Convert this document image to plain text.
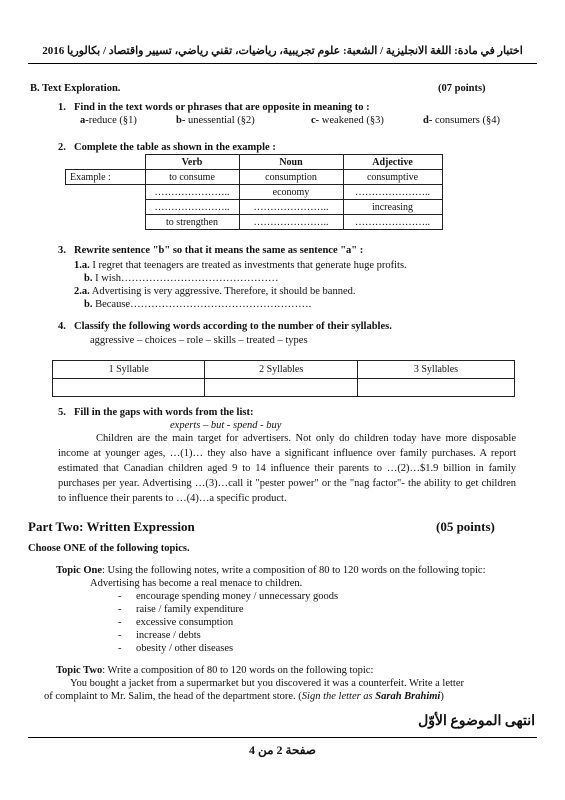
اختبار في مادة: اللغة الانجليزية / الشعبة: علوم تجريبية، رياضيات، تقني رياضي، تسيير واقتصاد / بكالوريا 2016
B. Text Exploration.	(07 points)
1. Find in the text words or phrases that are opposite in meaning to :
a-reduce (§1)	b- unessential (§2)	c- weakened (§3)	d- consumers (§4)
2. Complete the table as shown in the example :
	Verb	Noun	Adjective
Example :	to consume	consumption	consumptive
	…………………..	economy	…………………..
	…………………..	…………………..	increasing
	to strengthen	…………………..	…………………..
3. Rewrite sentence "b" so that it means the same as sentence "a" :
1.a. I regret that teenagers are treated as investments that generate huge profits.
b. I wish………………………………………
2.a. Advertising is very aggressive. Therefore, it should be banned.
b. Because…………………………………………….
4. Classify the following words according to the number of their syllables.
aggressive – choices – role – skills – treated – types
1 Syllable	2 Syllables	3 Syllables

5. Fill in the gaps with words from the list:
experts – but - spend - buy
Children are the main target for advertisers. Not only do children today have more disposable income at younger ages, …(1)… they also have a significant influence over family purchases. A report estimated that Canadian children aged 9 to 14 influence their parents to …(2)…$1.9 billion in family purchases per year. Advertising …(3)…call it "pester power" or the "nag factor"- the ability to get children to influence their parents to …(4)…a specific product.
Part Two: Written Expression	(05 points)
Choose ONE of the following topics.
Topic One: Using the following notes, write a composition of 80 to 120 words on the following topic:
Advertising has become a real menace to children.
- encourage spending money / unnecessary goods
- raise / family expenditure
- excessive consumption
- increase / debts
- obesity / other diseases
Topic Two: Write a composition of 80 to 120 words on the following topic:
You bought a jacket from a supermarket but you discovered it was a counterfeit. Write a letter
of complaint to Mr. Salim, the head of the department store. (Sign the letter as Sarah Brahimi)
انتهى الموضوع الأوّل
صفحة 2 من 4
